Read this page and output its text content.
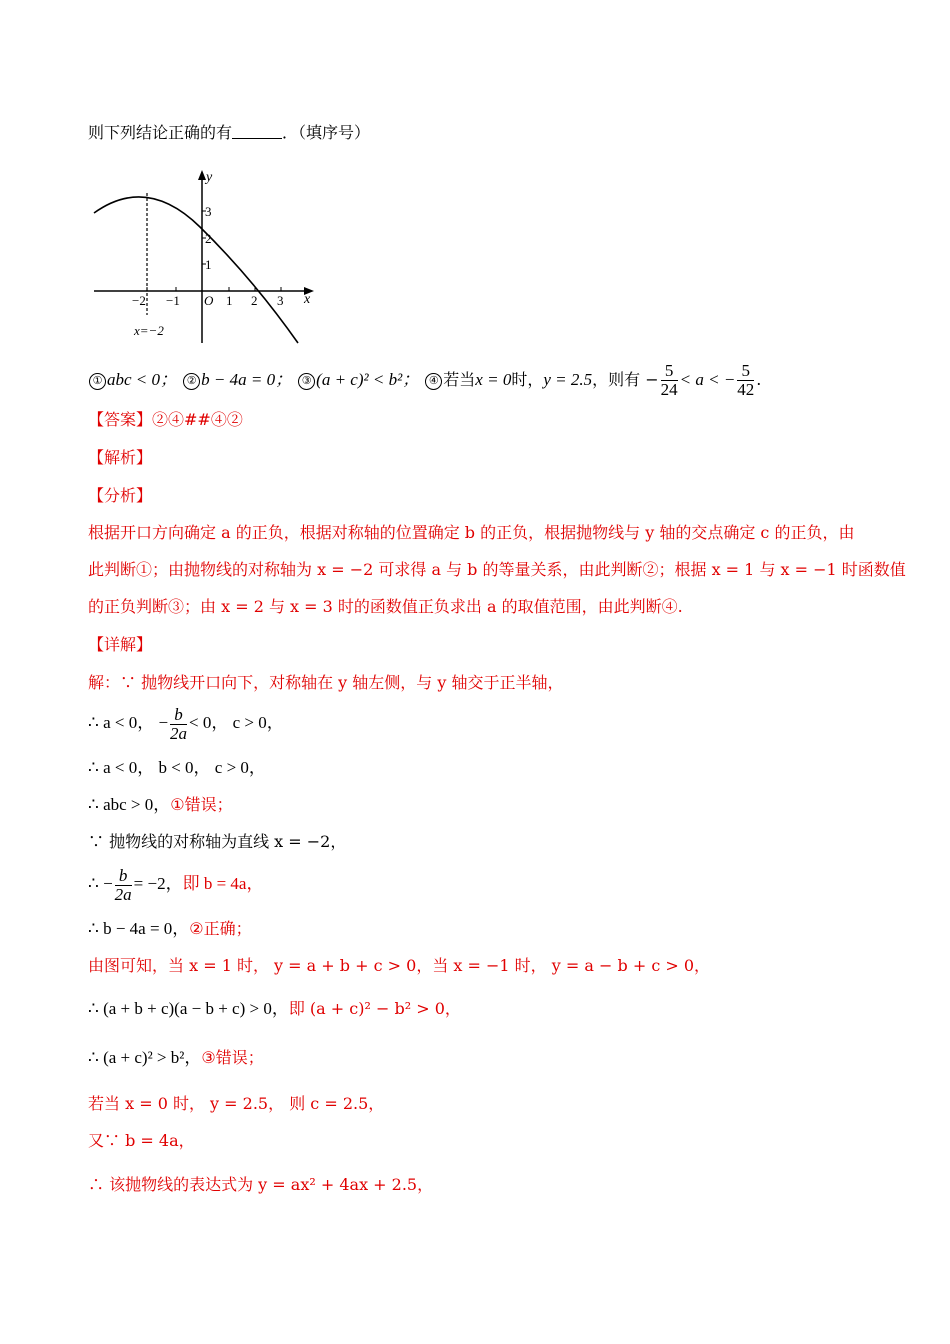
则下列结论正确的有	．（填序号）
y
x
O
−2 −1	1 2 3
3
2
1
x=−2
① abc < 0； ② b − 4a = 0； ③ (a + c)² < b²； ④ 若当x = 0时，y = 2.5，则有 − $\frac{5}{24} < a$ < − $\frac{5}{42}$ .
【答案】②④##④②
【解析】
【分析】
根据开口方向确定 a 的正负，根据对称轴的位置确定 b 的正负，根据抛物线与 y 轴的交点确定 c 的正负，由
此判断①；由抛物线的对称轴为 x = −2 可求得 a 与 b 的等量关系，由此判断②；根据 x = 1 与 x = −1 时函数值
的正负判断③；由 x = 2 与 x = 3 时的函数值正负求出 a 的取值范围，由此判断④.
【详解】
解：∵ 抛物线开口向下，对称轴在 y 轴左侧，与 y 轴交于正半轴，
∴ a < 0， − $\frac{b}{2a} < 0$， c > 0，
∴ a < 0， b < 0， c > 0，
∴ abc > 0，①错误；
∵ 抛物线的对称轴为直线 x = −2，
∴ − $\frac{b}{2a} = -2$，即 b = 4a，
∴ b − 4a = 0，②正确；
由图可知，当 x = 1 时， y = a + b + c > 0，当 x = −1 时， y = a − b + c > 0，
∴ (a + b + c)(a − b + c) > 0，即 (a + c)² − b² > 0，
∴ (a + c)² > b²，③错误；
若当 x = 0 时， y = 2.5， 则 c = 2.5，
又∵ b = 4a，
∴ 该抛物线的表达式为 y = ax² + 4ax + 2.5，
